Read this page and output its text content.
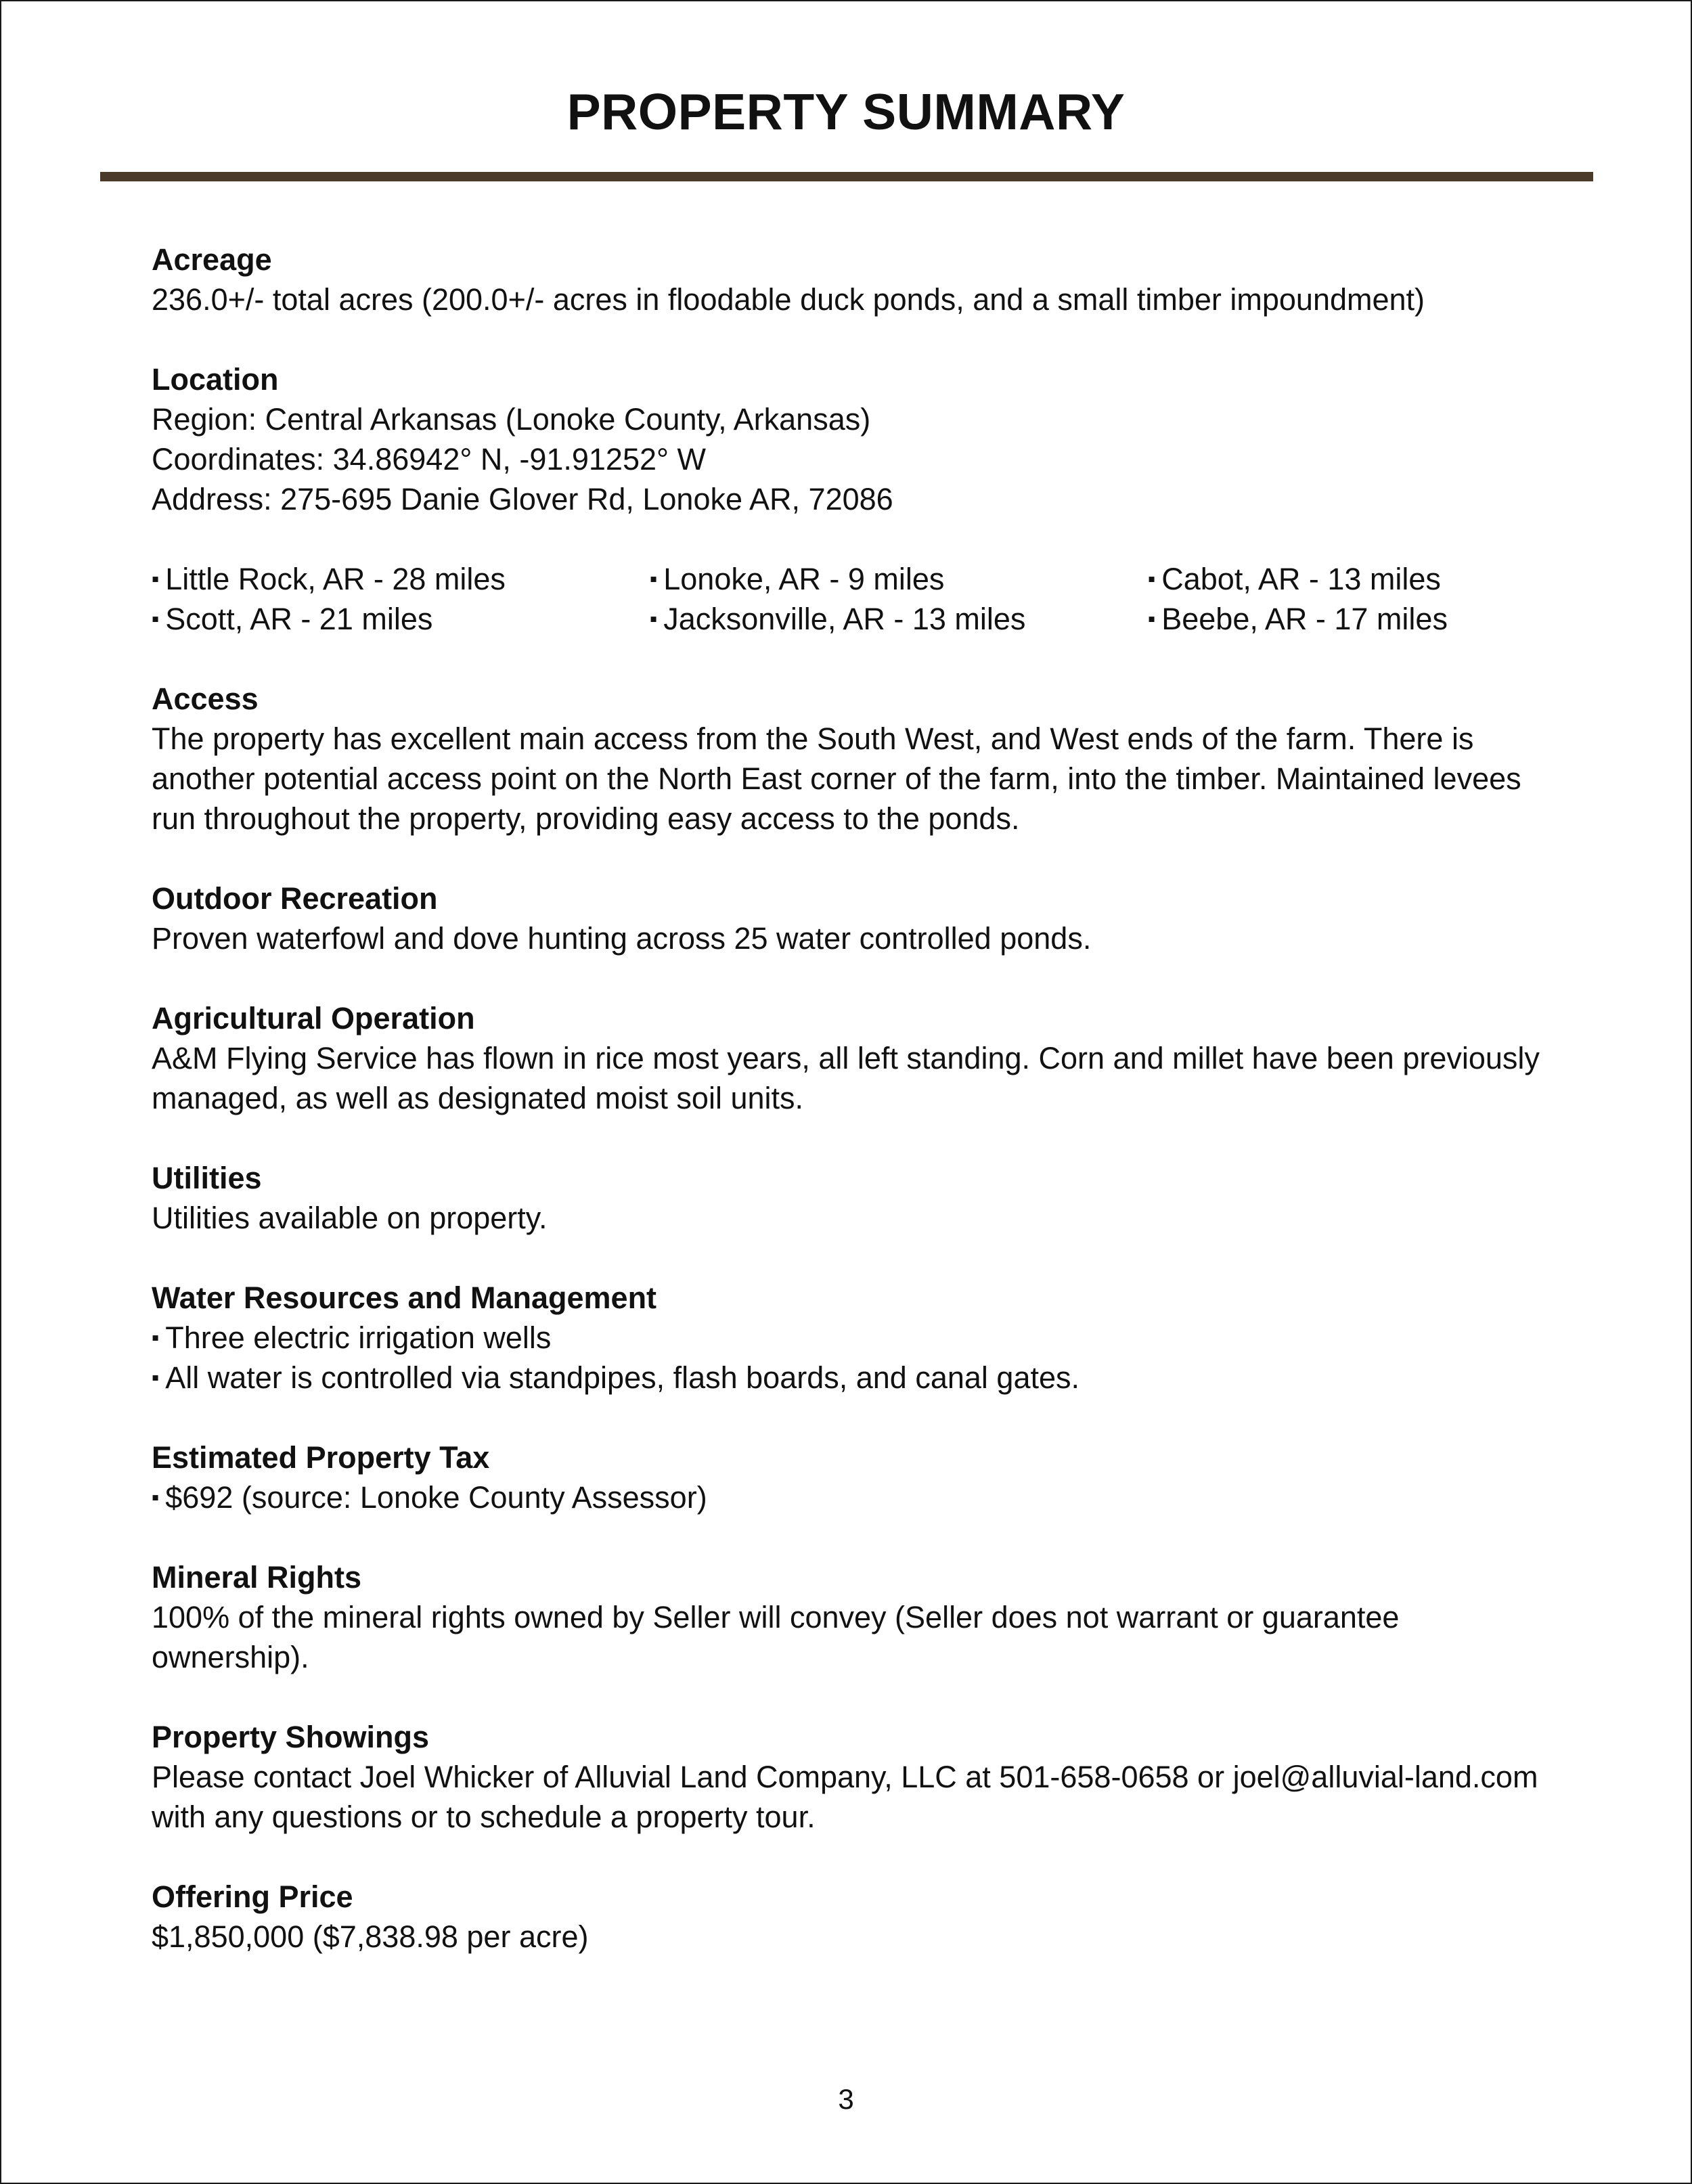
PROPERTY SUMMARY
Acreage

236.0+/- total acres (200.0+/- acres in floodable duck ponds, and a small timber impoundment)

Location

Region: Central Arkansas (Lonoke County, Arkansas)

Coordinates: 34.86942° N, -91.91252° W

Address: 275-695 Danie Glover Rd, Lonoke AR, 72086

▪ Little Rock, AR - 28 miles	▪ Lonoke, AR - 9 miles	▪ Cabot, AR - 13 miles
▪ Scott, AR - 21 miles	▪ Jacksonville, AR - 13 miles	▪ Beebe, AR - 17 miles
Access

The property has excellent main access from the South West, and West ends of the farm. There is another potential access point on the North East corner of the farm, into the timber. Maintained levees run throughout the property, providing easy access to the ponds.

Outdoor Recreation

Proven waterfowl and dove hunting across 25 water controlled ponds.

Agricultural Operation

A&M Flying Service has flown in rice most years, all left standing. Corn and millet have been previously managed, as well as designated moist soil units.

Utilities

Utilities available on property.

Water Resources and Management

▪ Three electric irrigation wells

▪ All water is controlled via standpipes, flash boards, and canal gates.

Estimated Property Tax

▪ $692 (source: Lonoke County Assessor)

Mineral Rights

100% of the mineral rights owned by Seller will convey (Seller does not warrant or guarantee ownership).

Property Showings

Please contact Joel Whicker of Alluvial Land Company, LLC at 501-658-0658 or joel@alluvial-land.com with any questions or to schedule a property tour.

Offering Price

$1,850,000 ($7,838.98 per acre)

3
